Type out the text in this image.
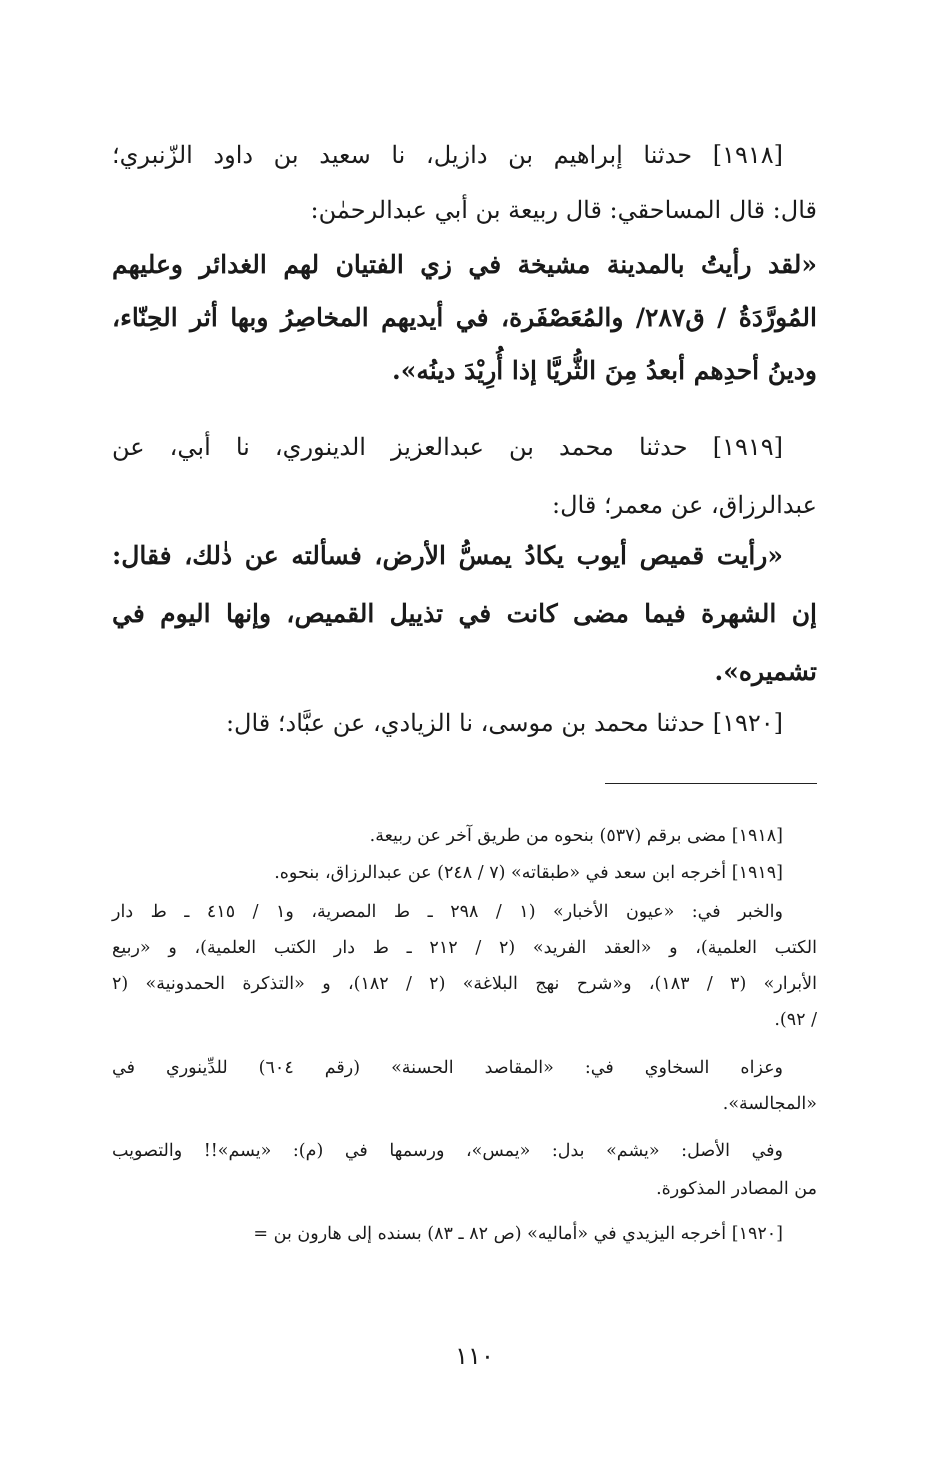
[١٩١٨] حدثنا إبراهيم بن دازيل، نا سعيد بن داود الزّنبري؛
قال: قال المساحقي: قال ربيعة بن أبي عبدالرحمٰن:
«لقد رأيتُ بالمدينة مشيخة في زي الفتيان لهم الغدائر وعليهم
المُورَّدَةُ / ق٢٨٧/ والمُعَصْفَرة، في أيديهم المخاصِرُ وبها أثر الحِنّاء،
ودينُ أحدِهم أبعدُ مِنَ الثُّريَّا إذا أُرِيْدَ دينُه».
[١٩١٩] حدثنا محمد بن عبدالعزيز الدينوري، نا أبي، عن
عبدالرزاق، عن معمر؛ قال:
«رأيت قميص أيوب يكادُ يمسُّ الأرض، فسألته عن ذٰلك، فقال:
إن الشهرة فيما مضى كانت في تذييل القميص، وإنها اليوم في
تشميره».
[١٩٢٠] حدثنا محمد بن موسى، نا الزيادي، عن عبَّاد؛ قال:
[١٩١٨] مضى برقم (٥٣٧) بنحوه من طريق آخر عن ربيعة.
[١٩١٩] أخرجه ابن سعد في «طبقاته» (٧ / ٢٤٨) عن عبدالرزاق، بنحوه.
والخبر في: «عيون الأخبار» (١ / ٢٩٨ ـ ط المصرية، و١ / ٤١٥ ـ ط دار
الكتب العلمية)، و «العقد الفريد» (٢ / ٢١٢ ـ ط دار الكتب العلمية)، و «ربيع
الأبرار» (٣ / ١٨٣)، و«شرح نهج البلاغة» (٢ / ١٨٢)، و «التذكرة الحمدونية» (٢
/ ٩٢).
وعزاه السخاوي في: «المقاصد الحسنة» (رقم ٦٠٤) للدِّينوري في
«المجالسة».
وفي الأصل: «يشم» بدل: «يمس»، ورسمها في (م): «يسم»!! والتصويب
من المصادر المذكورة.
[١٩٢٠] أخرجه اليزيدي في «أماليه» (ص ٨٢ ـ ٨٣) بسنده إلى هارون بن =
١١٠
